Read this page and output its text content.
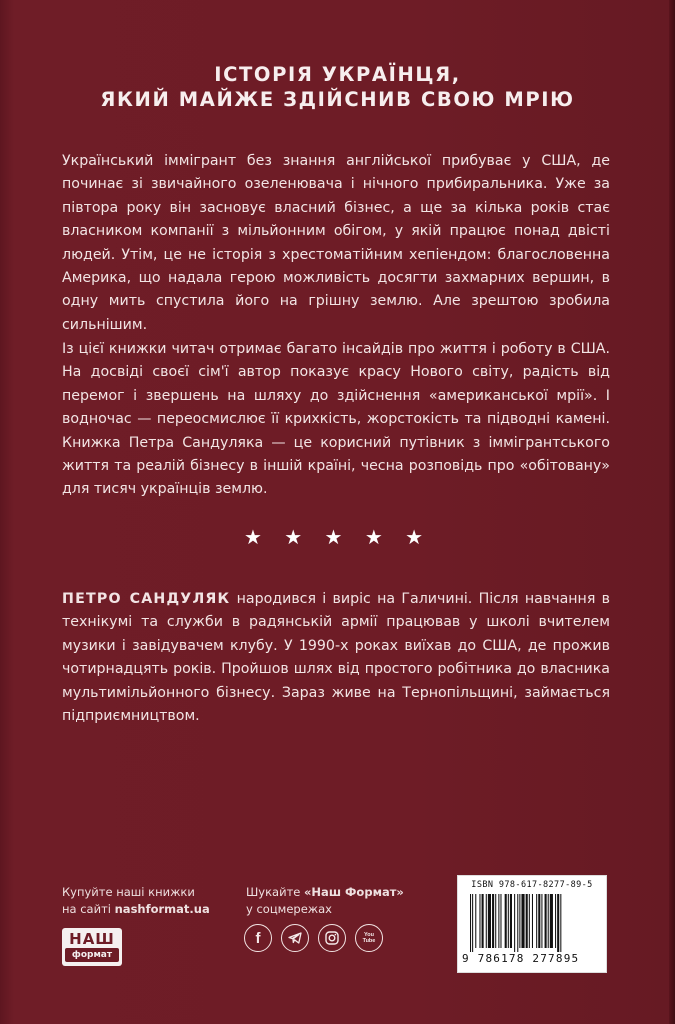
ІСТОРІЯ УКРАЇНЦЯ,
ЯКИЙ МАЙЖЕ ЗДІЙСНИВ СВОЮ МРІЮ

Український іммігрант без знання англійської прибуває у США, де починає зі звичайного озеленювача і нічного прибиральника. Уже за півтора року він засновує власний бізнес, а ще за кілька років стає власником компанії з мільйонним обігом, у якій працює понад двісті людей. Утім, це не історія з хрестоматійним хепіендом: благословенна Америка, що надала герою можливість досягти захмарних вершин, в одну мить спустила його на грішну землю. Але зрештою зробила сильнішим.

Із цієї книжки читач отримає багато інсайдів про життя і роботу в США. На досвіді своєї сім'ї автор показує красу Нового світу, радість від перемог і звершень на шляху до здійснення «американської мрії». І водночас — переосмислює її крихкість, жорстокість та підводні камені. Книжка Петра Сандуляка — це корисний путівник з іммігрантського життя та реалій бізнесу в іншій країні, чесна розповідь про «обітовану» для тисяч українців землю.

★ ★ ★ ★ ★

ПЕТРО САНДУЛЯК народився і виріс на Галичині. Після навчання в технікумі та служби в радянській армії працював у школі вчителем музики і завідувачем клубу. У 1990-х роках виїхав до США, де прожив чотирнадцять років. Пройшов шлях від простого робітника до власника мультимільйонного бізнесу. Зараз живе на Тернопільщині, займається підприємництвом.

Купуйте наші книжки
на сайті nashformat.ua
НАШ
формат
Шукайте «Наш Формат»
у соцмережах
f	You Tube
ISBN 978-617-8277-89-5
9 786178 277895
